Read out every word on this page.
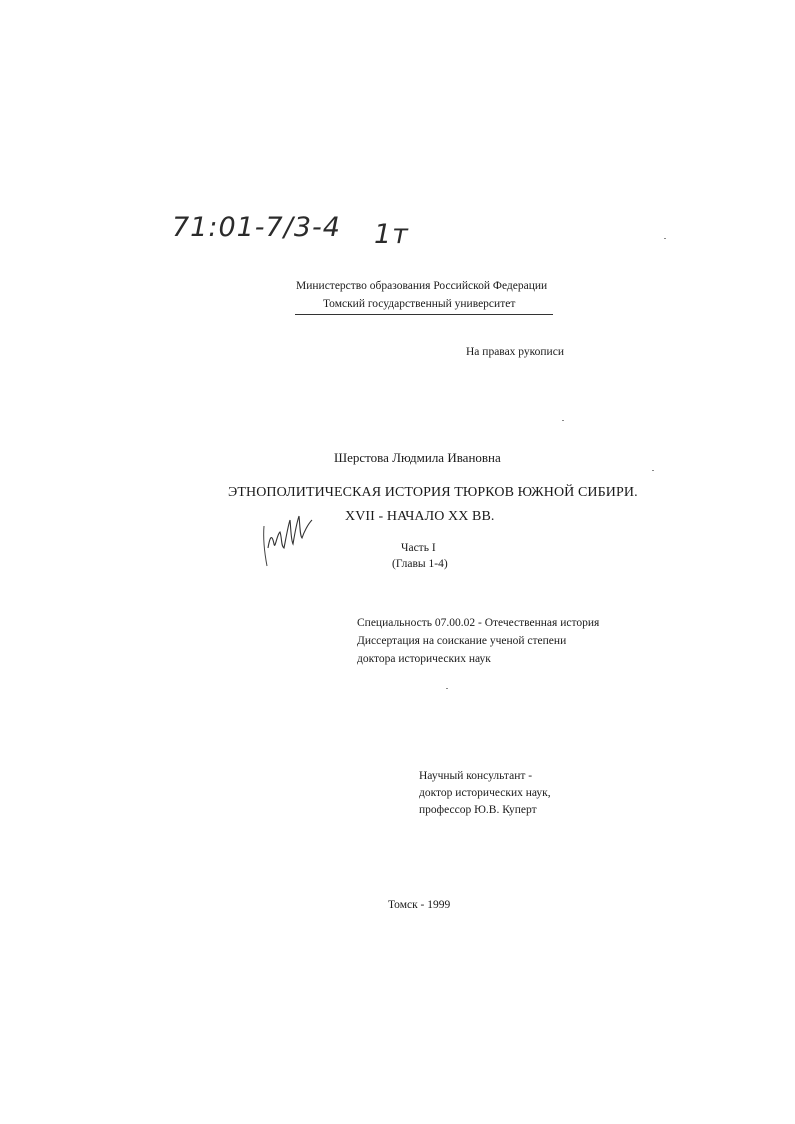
71:01-7/3-4 1т
Министерство образования Российской Федерации
Томский государственный университет
На правах рукописи
Шерстова Людмила Ивановна
ЭТНОПОЛИТИЧЕСКАЯ ИСТОРИЯ ТЮРКОВ ЮЖНОЙ СИБИРИ.
XVII - НАЧАЛО XX ВВ.
Часть I
(Главы 1-4)
Специальность 07.00.02 - Отечественная история
Диссертация на соискание ученой степени
доктора исторических наук
Научный консультант -
доктор исторических наук,
профессор Ю.В. Куперт
Томск - 1999
